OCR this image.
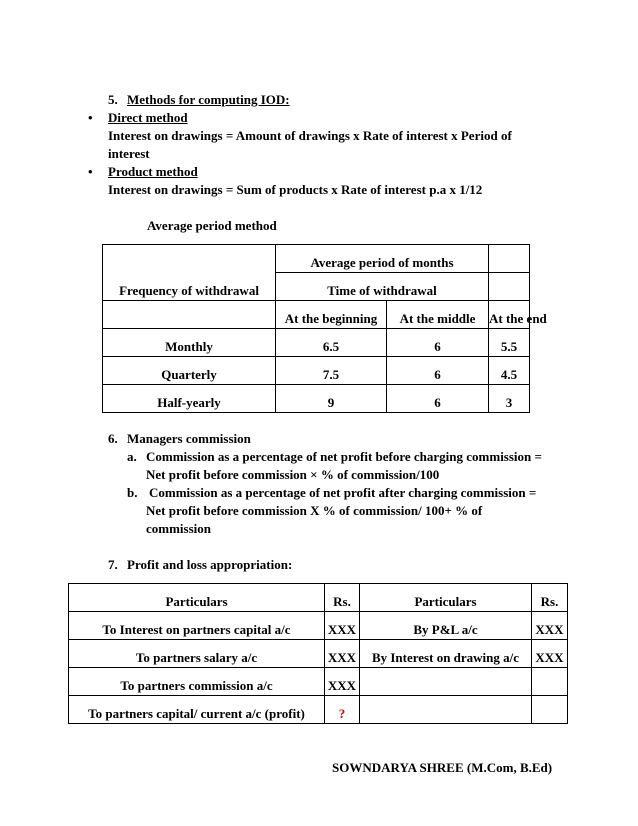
5. Methods for computing IOD:
• Direct method
Interest on drawings = Amount of drawings x Rate of interest x Period of
interest
• Product method
Interest on drawings = Sum of products x Rate of interest p.a x 1/12
Average period method
Frequency of withdrawal	Average period of months		
	Time of withdrawal		
	At the beginning	At the middle	At the end
Monthly	6.5	6	5.5
Quarterly	7.5	6	4.5
Half-yearly	9	6	3
6. Managers commission
a. Commission as a percentage of net profit before charging commission =
Net profit before commission × % of commission/100
b. Commission as a percentage of net profit after charging commission =
Net profit before commission X % of commission/ 100+ % of
commission
7. Profit and loss appropriation:
Particulars	Rs.	Particulars	Rs.
To Interest on partners capital a/c	XXX	By P&L a/c	XXX
To partners salary a/c	XXX	By Interest on drawing a/c	XXX
To partners commission a/c	XXX		
To partners capital/ current a/c (profit)	?		
SOWNDARYA SHREE (M.Com, B.Ed)
